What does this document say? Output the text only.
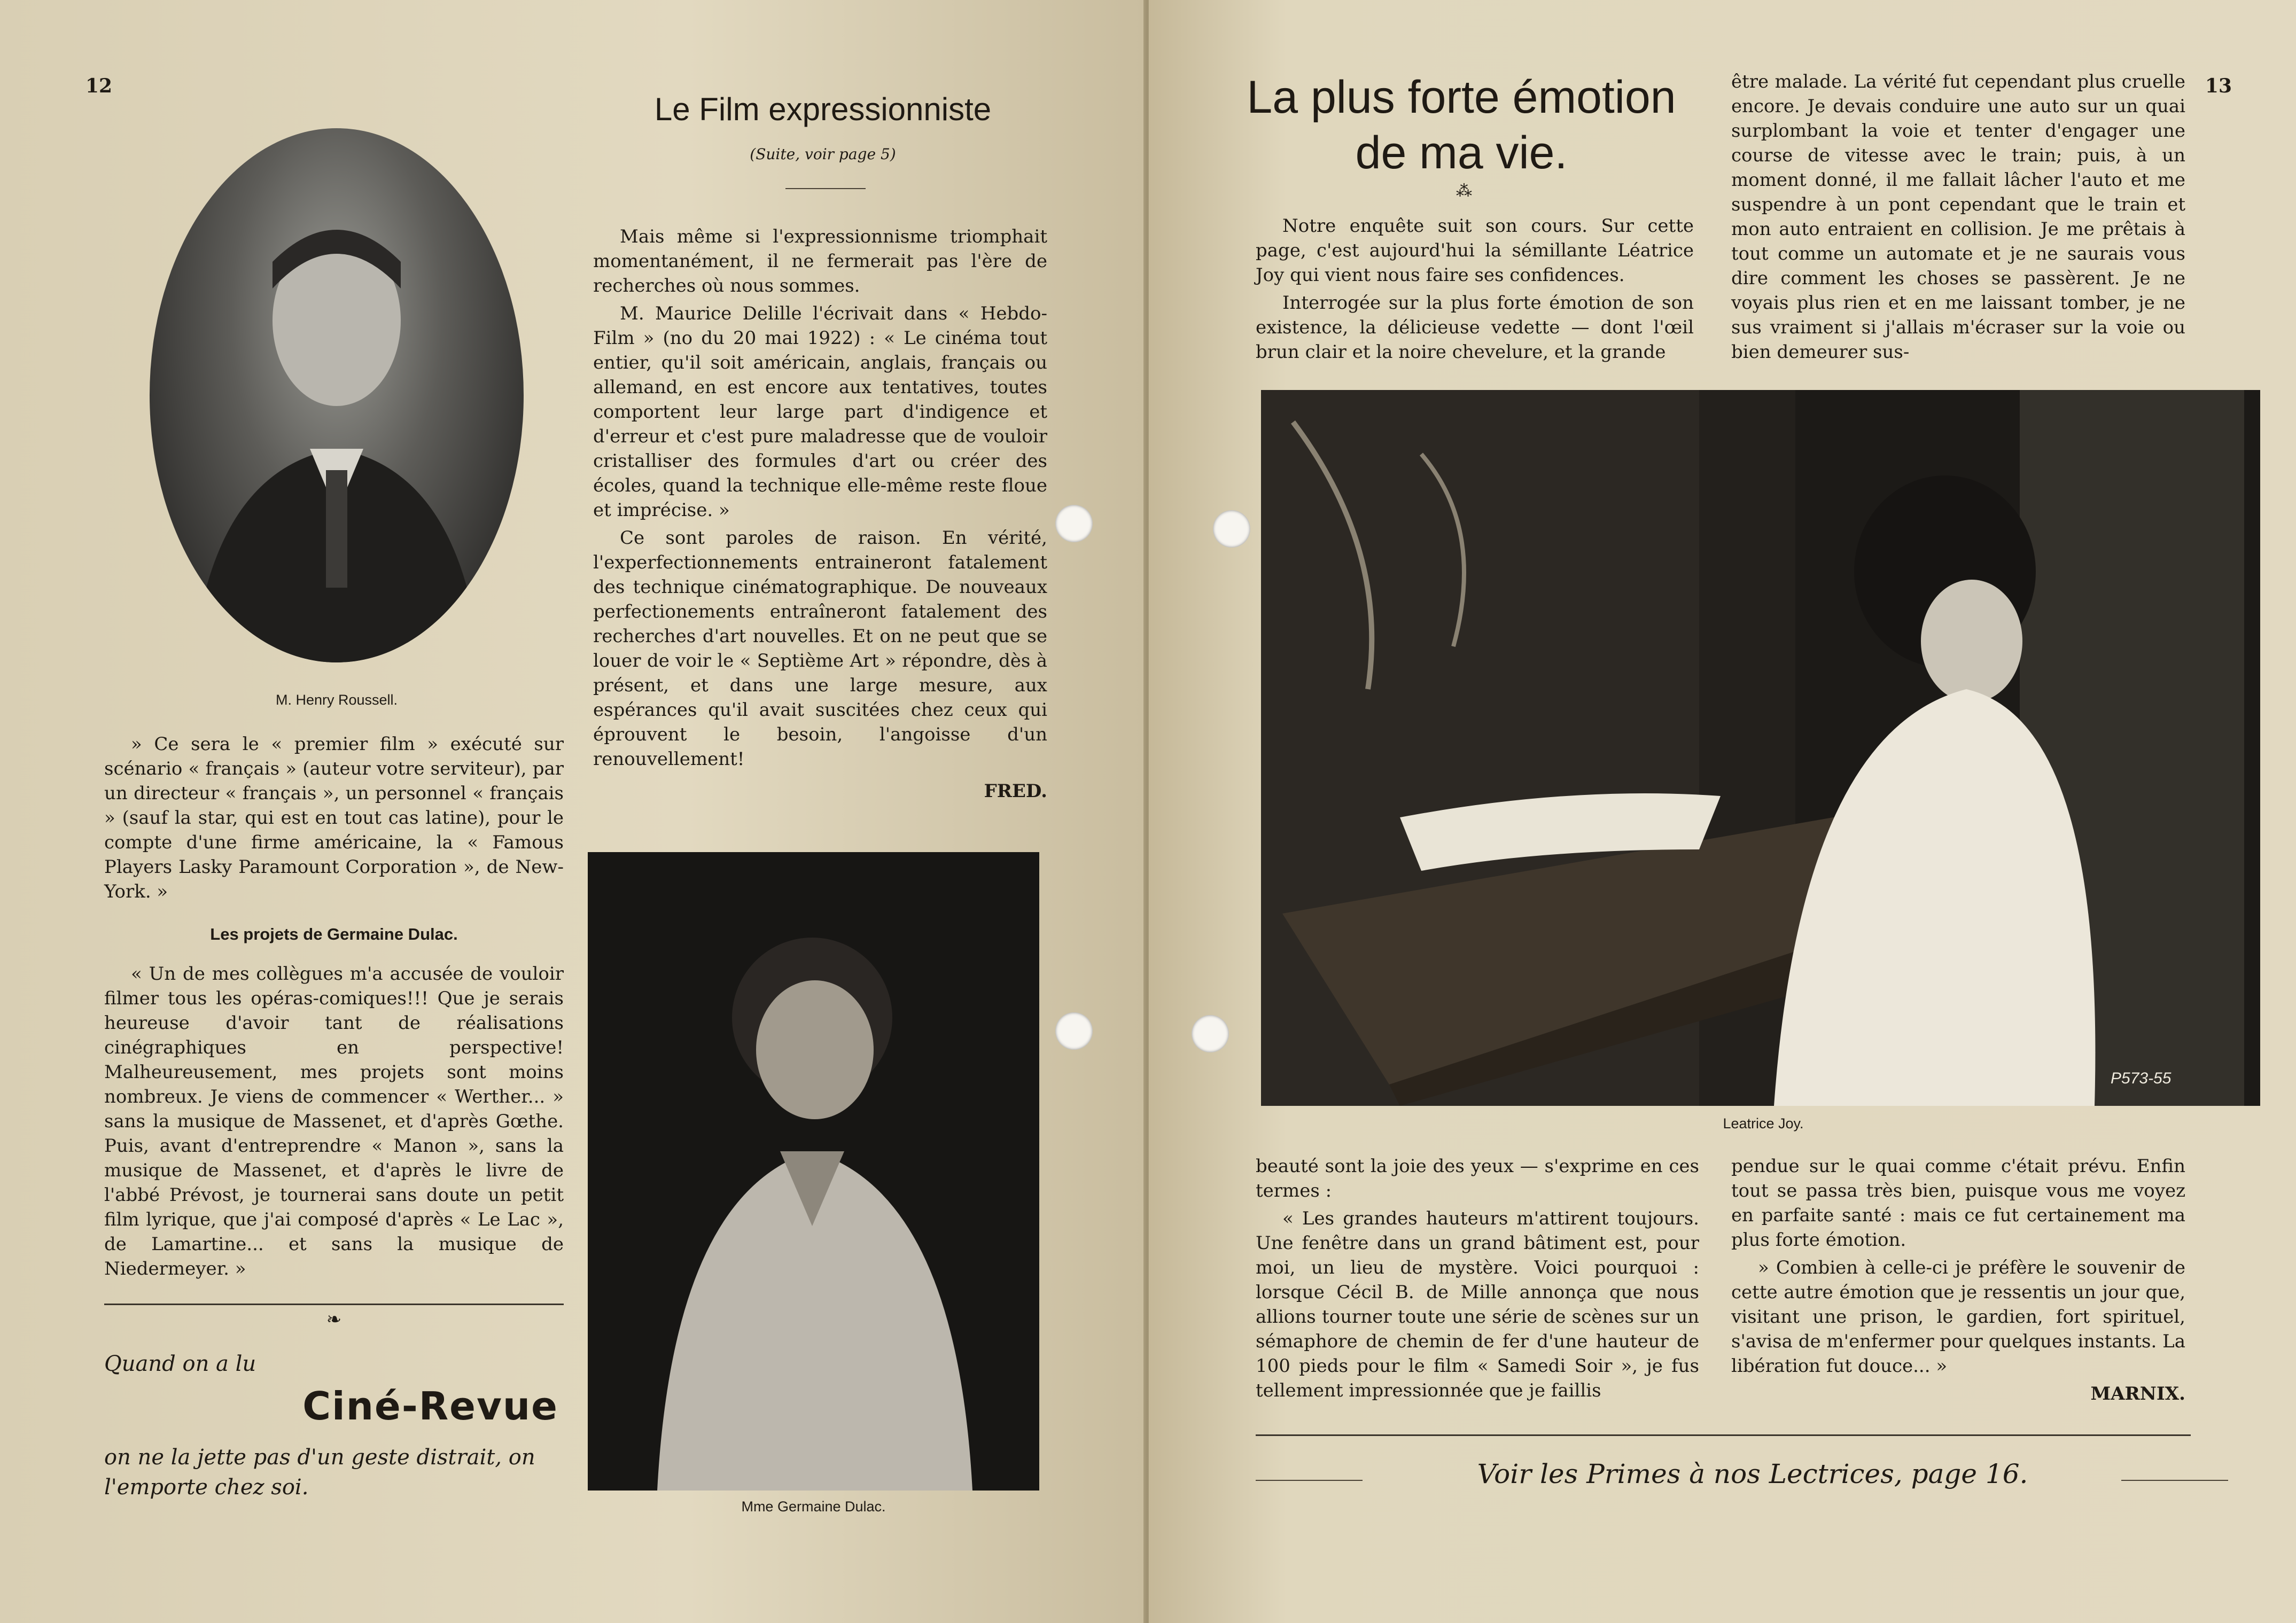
12
M. Henry Roussell.

» Ce sera le « premier film » exécuté sur scénario « français » (auteur votre serviteur), par un directeur « français », un personnel « français » (sauf la star, qui est en tout cas latine), pour le compte d'une firme américaine, la « Famous Players Lasky Paramount Corporation », de New-York. »

Les projets de Germaine Dulac.

« Un de mes collègues m'a accusée de vouloir filmer tous les opéras-comiques!!! Que je serais heureuse d'avoir tant de réalisations cinégraphiques en perspective! Malheureusement, mes projets sont moins nombreux. Je viens de commencer « Werther... » sans la musique de Massenet, et d'après Gœthe. Puis, avant d'entreprendre « Manon », sans la musique de Massenet, et d'après le livre de l'abbé Prévost, je tournerai sans doute un petit film lyrique, que j'ai composé d'après « Le Lac », de Lamartine... et sans la musique de Niedermeyer. »

❧
Quand on a lu
Ciné-Revue
on ne la jette pas d'un geste distrait, on l'emporte chez soi.
Le Film expressionniste
(Suite, voir page 5)

Mais même si l'expressionnisme triomphait momentanément, il ne fermerait pas l'ère de recherches où nous sommes.

M. Maurice Delille l'écrivait dans « Hebdo-Film » (no du 20 mai 1922) : « Le cinéma tout entier, qu'il soit américain, anglais, français ou allemand, en est encore aux tentatives, toutes comportent leur large part d'indigence et d'erreur et c'est pure maladresse que de vouloir cristalliser des formules d'art ou créer des écoles, quand la technique elle-même reste floue et imprécise. »

Ce sont paroles de raison. En vérité, l'experfectionnements entraineront fatalement des technique cinématographique. De nouveaux perfectionements entraîneront fatalement des recherches d'art nouvelles. Et on ne peut que se louer de voir le « Septième Art » répondre, dès à présent, et dans une large mesure, aux espérances qu'il avait suscitées chez ceux qui éprouvent le besoin, l'angoisse d'un renouvellement!

FRED.
Mme Germaine Dulac.
13
La plus forte émotion
de ma vie.
⁂

Notre enquête suit son cours. Sur cette page, c'est aujourd'hui la sémillante Léatrice Joy qui vient nous faire ses confidences.

Interrogée sur la plus forte émotion de son existence, la délicieuse vedette — dont l'œil brun clair et la noire chevelure, et la grande

être malade. La vérité fut cependant plus cruelle encore. Je devais conduire une auto sur un quai surplombant la voie et tenter d'engager une course de vitesse avec le train; puis, à un moment donné, il me fallait lâcher l'auto et me suspendre à un pont cependant que le train et mon auto entraient en collision. Je me prêtais à tout comme un automate et je ne saurais vous dire comment les choses se passèrent. Je ne voyais plus rien et en me laissant tomber, je ne sus vraiment si j'allais m'écraser sur la voie ou bien demeurer sus-
P573-55
Leatrice Joy.
beauté sont la joie des yeux — s'exprime en ces termes :

« Les grandes hauteurs m'attirent toujours. Une fenêtre dans un grand bâtiment est, pour moi, un lieu de mystère. Voici pourquoi : lorsque Cécil B. de Mille annonça que nous allions tourner toute une série de scènes sur un sémaphore de chemin de fer d'une hauteur de 100 pieds pour le film « Samedi Soir », je fus tellement impressionnée que je faillis

pendue sur le quai comme c'était prévu. Enfin tout se passa très bien, puisque vous me voyez en parfaite santé : mais ce fut certainement ma plus forte émotion.

» Combien à celle-ci je préfère le souvenir de cette autre émotion que je ressentis un jour que, visitant une prison, le gardien, fort spirituel, s'avisa de m'enfermer pour quelques instants. La libération fut douce... »

MARNIX.
Voir les Primes à nos Lectrices, page 16.
